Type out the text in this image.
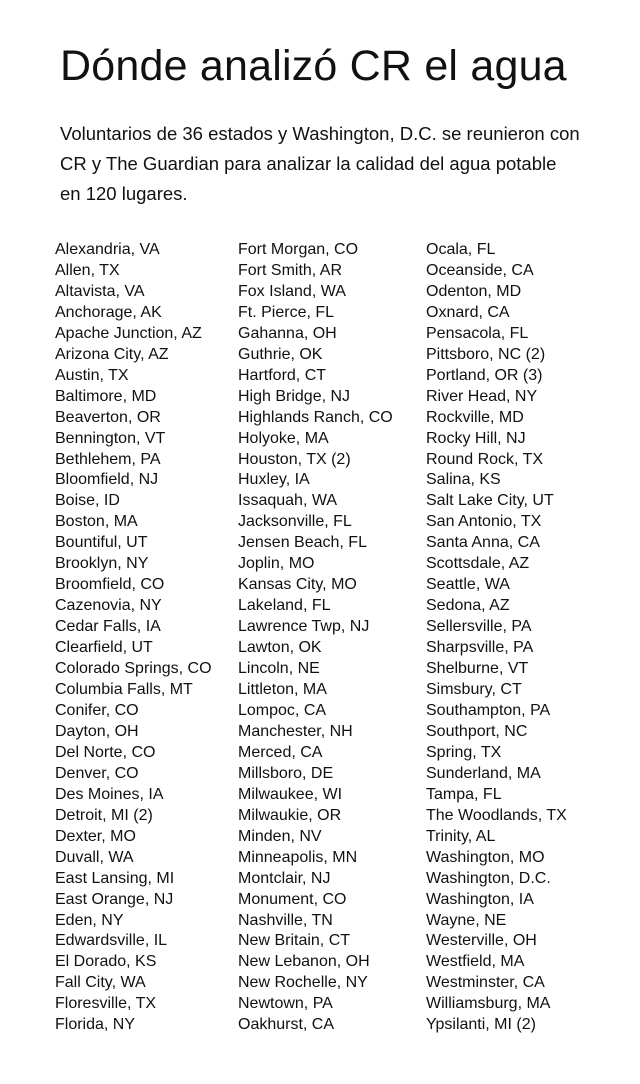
Dónde analizó CR el agua

Voluntarios de 36 estados y Washington, D.C. se reunieron con CR y The Guardian para analizar la calidad del agua potable en 120 lugares.

Alexandria, VA
Allen, TX
Altavista, VA
Anchorage, AK
Apache Junction, AZ
Arizona City, AZ
Austin, TX
Baltimore, MD
Beaverton, OR
Bennington, VT
Bethlehem, PA
Bloomfield, NJ
Boise, ID
Boston, MA
Bountiful, UT
Brooklyn, NY
Broomfield, CO
Cazenovia, NY
Cedar Falls, IA
Clearfield, UT
Colorado Springs, CO
Columbia Falls, MT
Conifer, CO
Dayton, OH
Del Norte, CO
Denver, CO
Des Moines, IA
Detroit, MI (2)
Dexter, MO
Duvall, WA
East Lansing, MI
East Orange, NJ
Eden, NY
Edwardsville, IL
El Dorado, KS
Fall City, WA
Floresville, TX
Florida, NY
Fort Morgan, CO
Fort Smith, AR
Fox Island, WA
Ft. Pierce, FL
Gahanna, OH
Guthrie, OK
Hartford, CT
High Bridge, NJ
Highlands Ranch, CO
Holyoke, MA
Houston, TX (2)
Huxley, IA
Issaquah, WA
Jacksonville, FL
Jensen Beach, FL
Joplin, MO
Kansas City, MO
Lakeland, FL
Lawrence Twp, NJ
Lawton, OK
Lincoln, NE
Littleton, MA
Lompoc, CA
Manchester, NH
Merced, CA
Millsboro, DE
Milwaukee, WI
Milwaukie, OR
Minden, NV
Minneapolis, MN
Montclair, NJ
Monument, CO
Nashville, TN
New Britain, CT
New Lebanon, OH
New Rochelle, NY
Newtown, PA
Oakhurst, CA
Ocala, FL
Oceanside, CA
Odenton, MD
Oxnard, CA
Pensacola, FL
Pittsboro, NC (2)
Portland, OR (3)
River Head, NY
Rockville, MD
Rocky Hill, NJ
Round Rock, TX
Salina, KS
Salt Lake City, UT
San Antonio, TX
Santa Anna, CA
Scottsdale, AZ
Seattle, WA
Sedona, AZ
Sellersville, PA
Sharpsville, PA
Shelburne, VT
Simsbury, CT
Southampton, PA
Southport, NC
Spring, TX
Sunderland, MA
Tampa, FL
The Woodlands, TX
Trinity, AL
Washington, MO
Washington, D.C.
Washington, IA
Wayne, NE
Westerville, OH
Westfield, MA
Westminster, CA
Williamsburg, MA
Ypsilanti, MI (2)
